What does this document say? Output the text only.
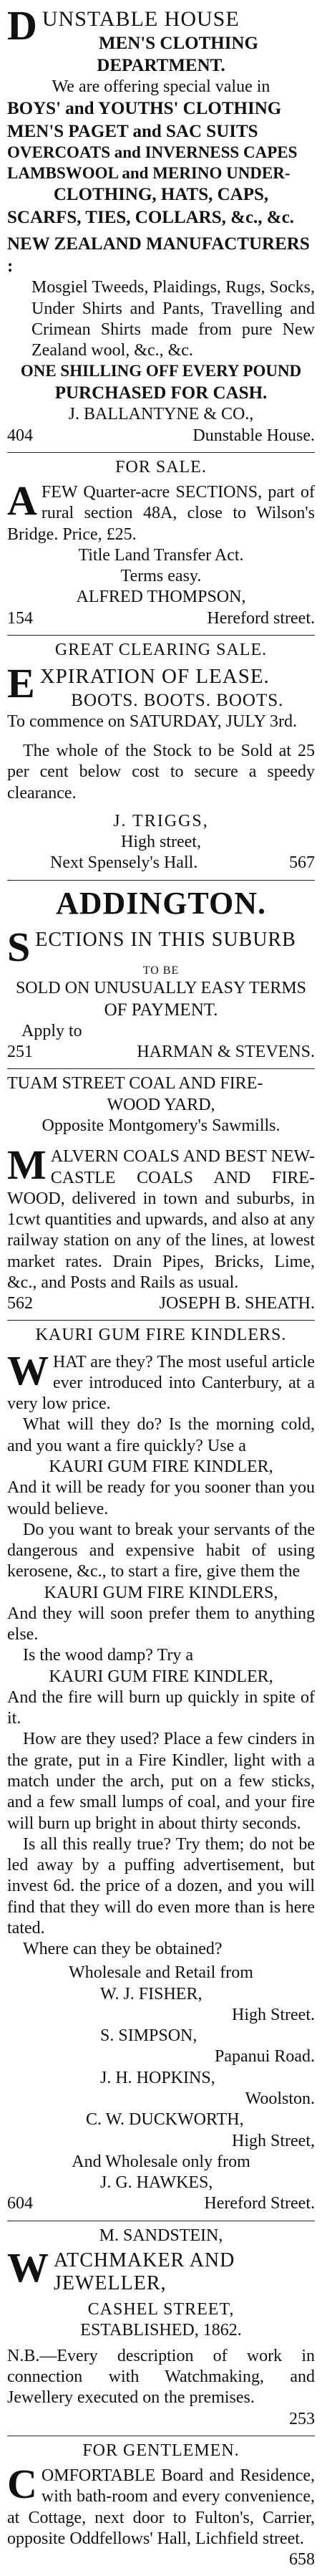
DUNSTABLE HOUSE
MEN'S CLOTHING DEPARTMENT.
We are offering special value in
BOYS' and YOUTHS' CLOTHING
MEN'S PAGET and SAC SUITS
OVERCOATS and INVERNESS CAPES
LAMBSWOOL and MERINO UNDER-
CLOTHING, HATS, CAPS,
SCARFS, TIES, COLLARS, &c., &c.
NEW ZEALAND MANUFACTURERS :
Mosgiel Tweeds, Plaidings, Rugs, Socks, Under Shirts and Pants, Travelling and Crimean Shirts made from pure New Zealand wool, &c., &c.
ONE SHILLING OFF EVERY POUND
PURCHASED FOR CASH.
J. BALLANTYNE & CO.,
404	Dunstable House.
FOR SALE.
AFEW Quarter-acre SECTIONS, part of rural section 48A, close to Wilson's Bridge. Price, £25.
Title Land Transfer Act.
Terms easy.
ALFRED THOMPSON,
154	Hereford street.
GREAT CLEARING SALE.
EXPIRATION OF LEASE.
BOOTS. BOOTS. BOOTS.
To commence on SATURDAY, JULY 3rd.
The whole of the Stock to be Sold at 25 per cent below cost to secure a speedy clearance.
J. TRIGGS,
High street,
Next Spensely's Hall.	567
ADDINGTON.
SECTIONS IN THIS SUBURB
TO BE
SOLD ON UNUSUALLY EASY TERMS
OF PAYMENT.
Apply to
251	HARMAN & STEVENS.
TUAM STREET COAL AND FIRE-
WOOD YARD,
Opposite Montgomery's Sawmills.
MALVERN COALS AND BEST NEW-CASTLE COALS AND FIRE-WOOD, delivered in town and suburbs, in 1cwt quantities and upwards, and also at any railway station on any of the lines, at lowest market rates. Drain Pipes, Bricks, Lime, &c., and Posts and Rails as usual.
562	JOSEPH B. SHEATH.
KAURI GUM FIRE KINDLERS.
WHAT are they? The most useful article ever introduced into Canterbury, at a very low price.
What will they do? Is the morning cold, and you want a fire quickly? Use a
KAURI GUM FIRE KINDLER,
And it will be ready for you sooner than you would believe.
Do you want to break your servants of the dangerous and expensive habit of using kerosene, &c., to start a fire, give them the
KAURI GUM FIRE KINDLERS,
And they will soon prefer them to anything else.
Is the wood damp? Try a
KAURI GUM FIRE KINDLER,
And the fire will burn up quickly in spite of it.
How are they used? Place a few cinders in the grate, put in a Fire Kindler, light with a match under the arch, put on a few sticks, and a few small lumps of coal, and your fire will burn up bright in about thirty seconds.
Is all this really true? Try them; do not be led away by a puffing advertisement, but invest 6d. the price of a dozen, and you will find that they will do even more than is here tated.
Where can they be obtained?
Wholesale and Retail from
W. J. FISHER,
High Street.
S. SIMPSON,
Papanui Road.
J. H. HOPKINS,
Woolston.
C. W. DUCKWORTH,
High Street,
And Wholesale only from
J. G. HAWKES,
604	Hereford Street.
M. SANDSTEIN,
WATCHMAKER AND JEWELLER,
CASHEL STREET,
ESTABLISHED, 1862.
N.B.—Every description of work in connection with Watchmaking, and Jewellery executed on the premises.
253
FOR GENTLEMEN.
COMFORTABLE Board and Residence, with bath-room and every convenience, at Cottage, next door to Fulton's, Carrier, opposite Oddfellows' Hall, Lichfield street.
658
